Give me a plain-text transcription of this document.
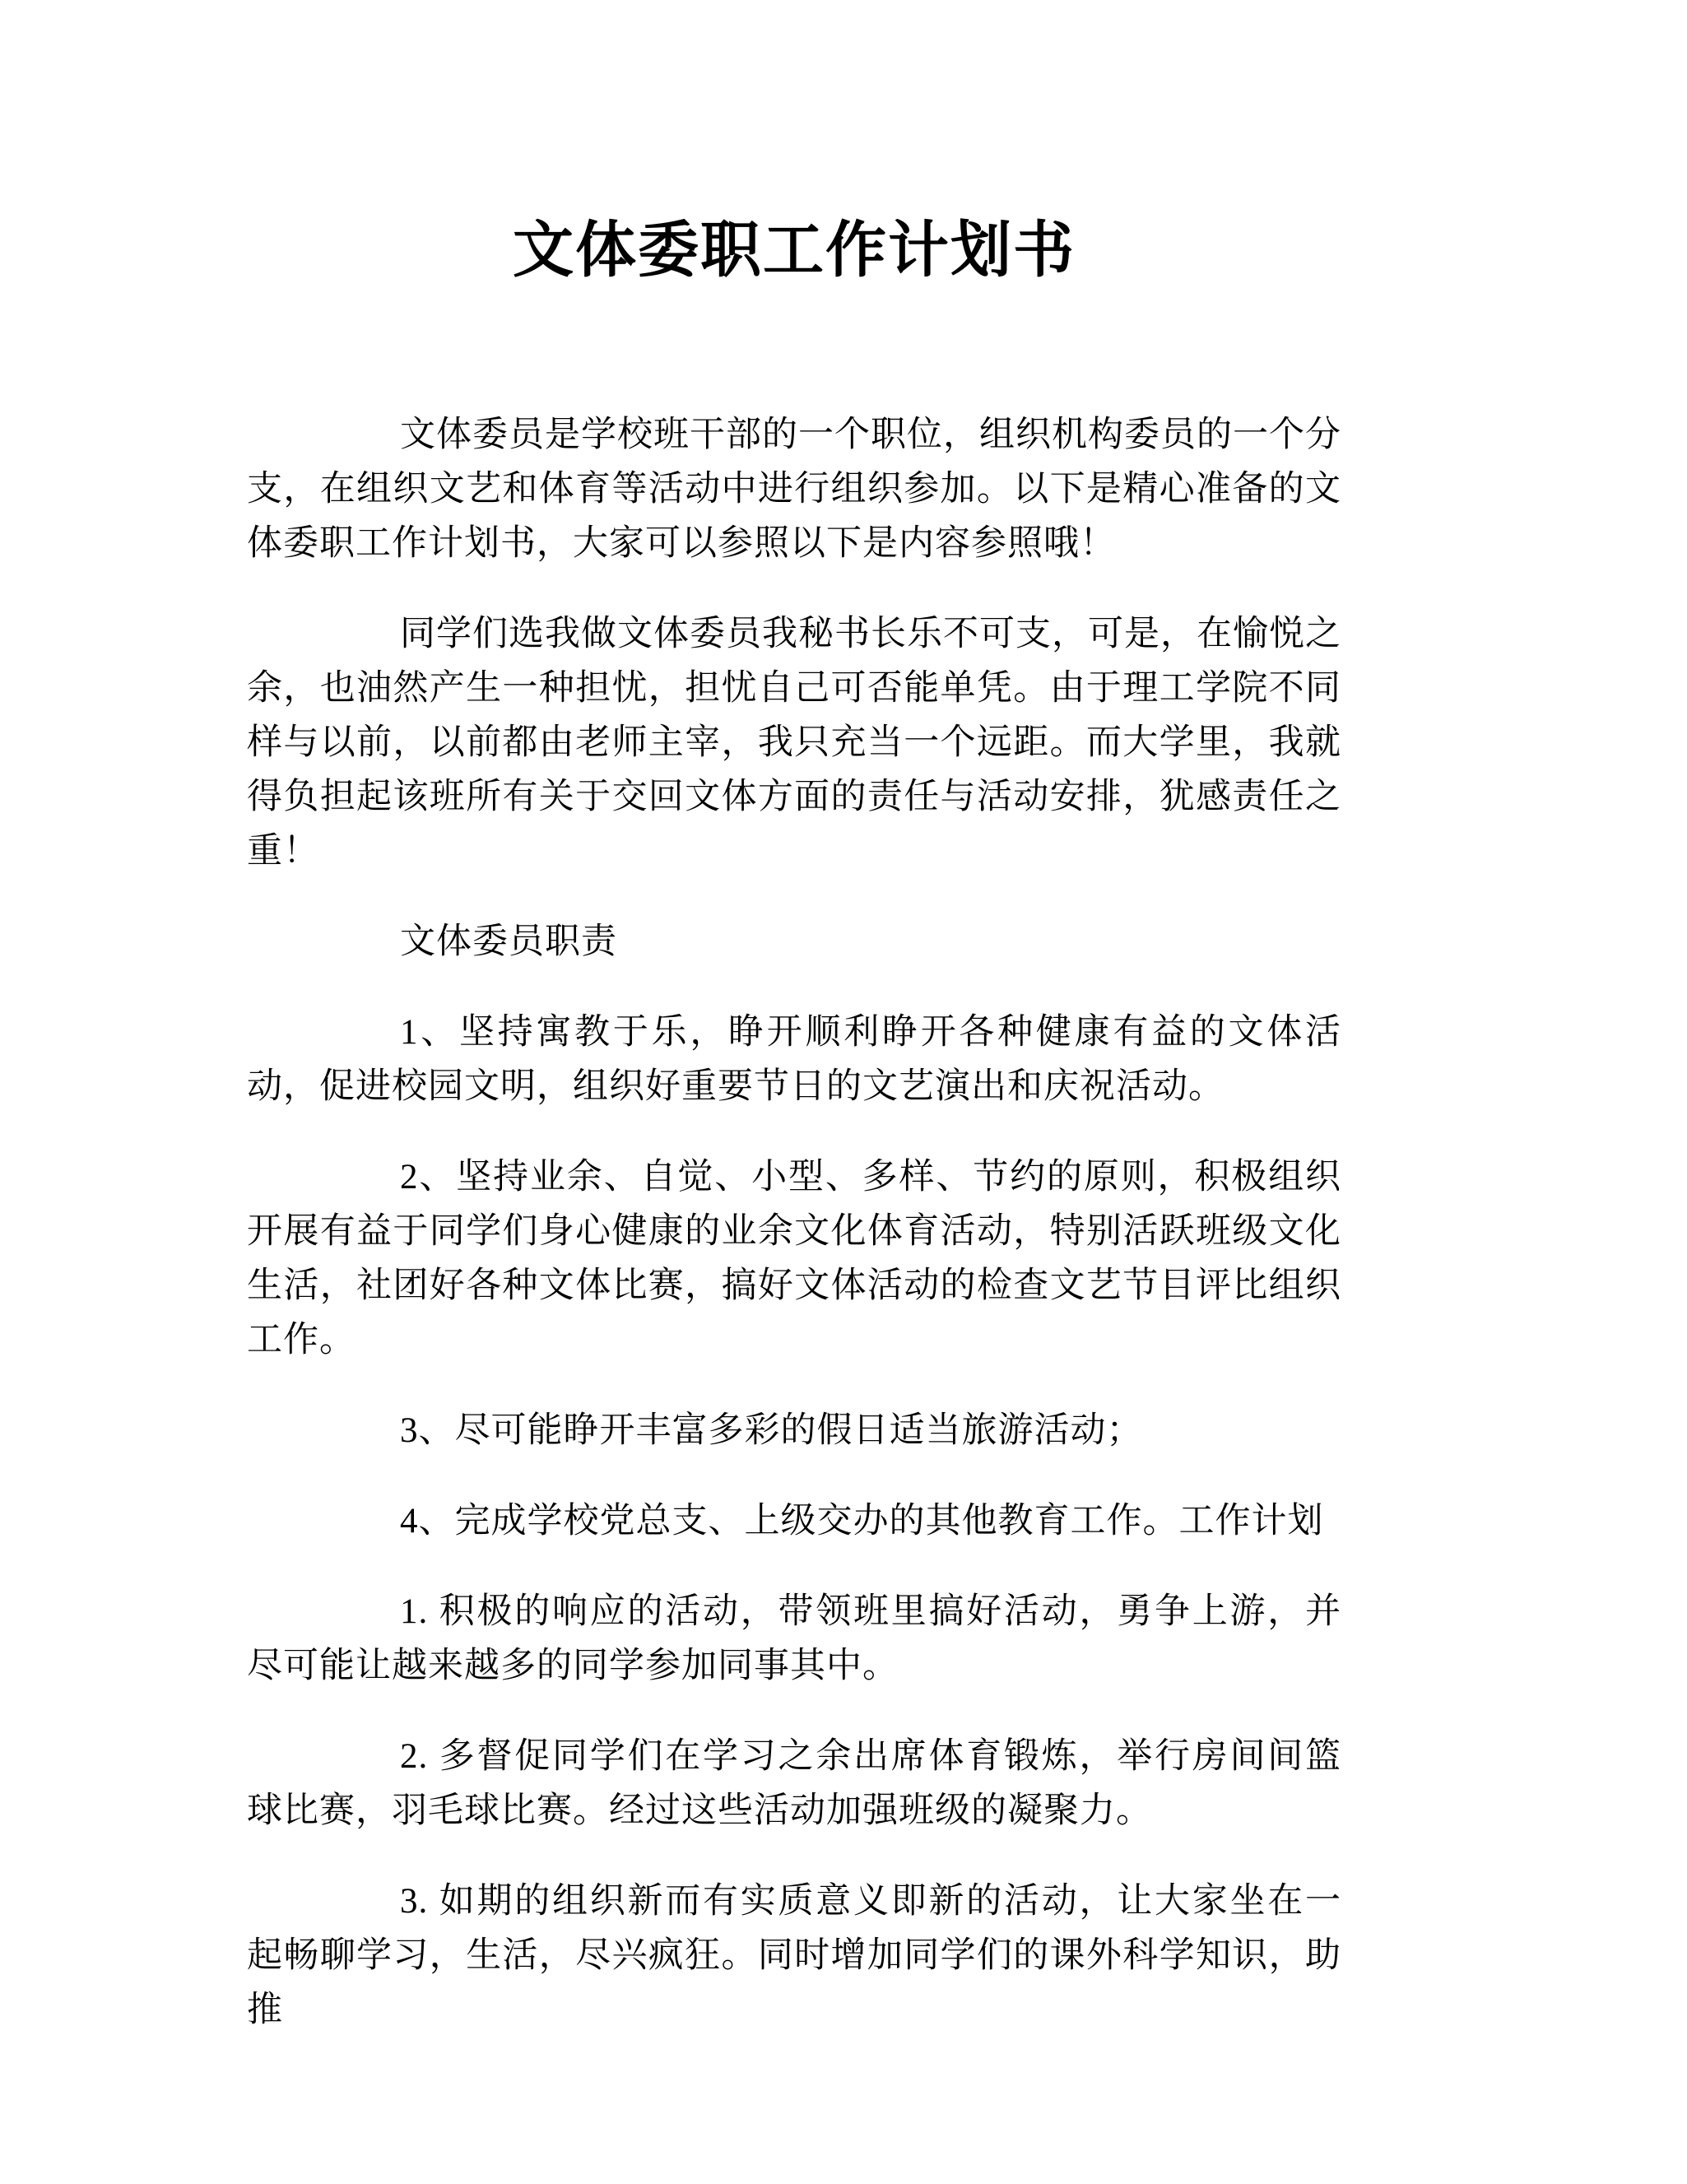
文体委职工作计划书

文体委员是学校班干部的一个职位，组织机构委员的一个分支，在组织文艺和体育等活动中进行组织参加。以下是精心准备的文体委职工作计划书，大家可以参照以下是内容参照哦！

同学们选我做文体委员我秘书长乐不可支，可是，在愉悦之余，也油然产生一种担忧，担忧自己可否能单凭。由于理工学院不同样与以前，以前都由老师主宰，我只充当一个远距。而大学里，我就得负担起该班所有关于交回文体方面的责任与活动安排，犹感责任之重！

文体委员职责

1、坚持寓教于乐，睁开顺利睁开各种健康有益的文体活动，促进校园文明，组织好重要节日的文艺演出和庆祝活动。

2、坚持业余、自觉、小型、多样、节约的原则，积极组织开展有益于同学们身心健康的业余文化体育活动，特别活跃班级文化生活，社团好各种文体比赛，搞好文体活动的检查文艺节目评比组织工作。

3、尽可能睁开丰富多彩的假日适当旅游活动；

4、完成学校党总支、上级交办的其他教育工作。工作计划

1. 积极的响应的活动，带领班里搞好活动，勇争上游，并尽可能让越来越多的同学参加同事其中。

2. 多督促同学们在学习之余出席体育锻炼，举行房间间篮球比赛，羽毛球比赛。经过这些活动加强班级的凝聚力。

3. 如期的组织新而有实质意义即新的活动，让大家坐在一起畅聊学习，生活，尽兴疯狂。同时增加同学们的课外科学知识，助推
